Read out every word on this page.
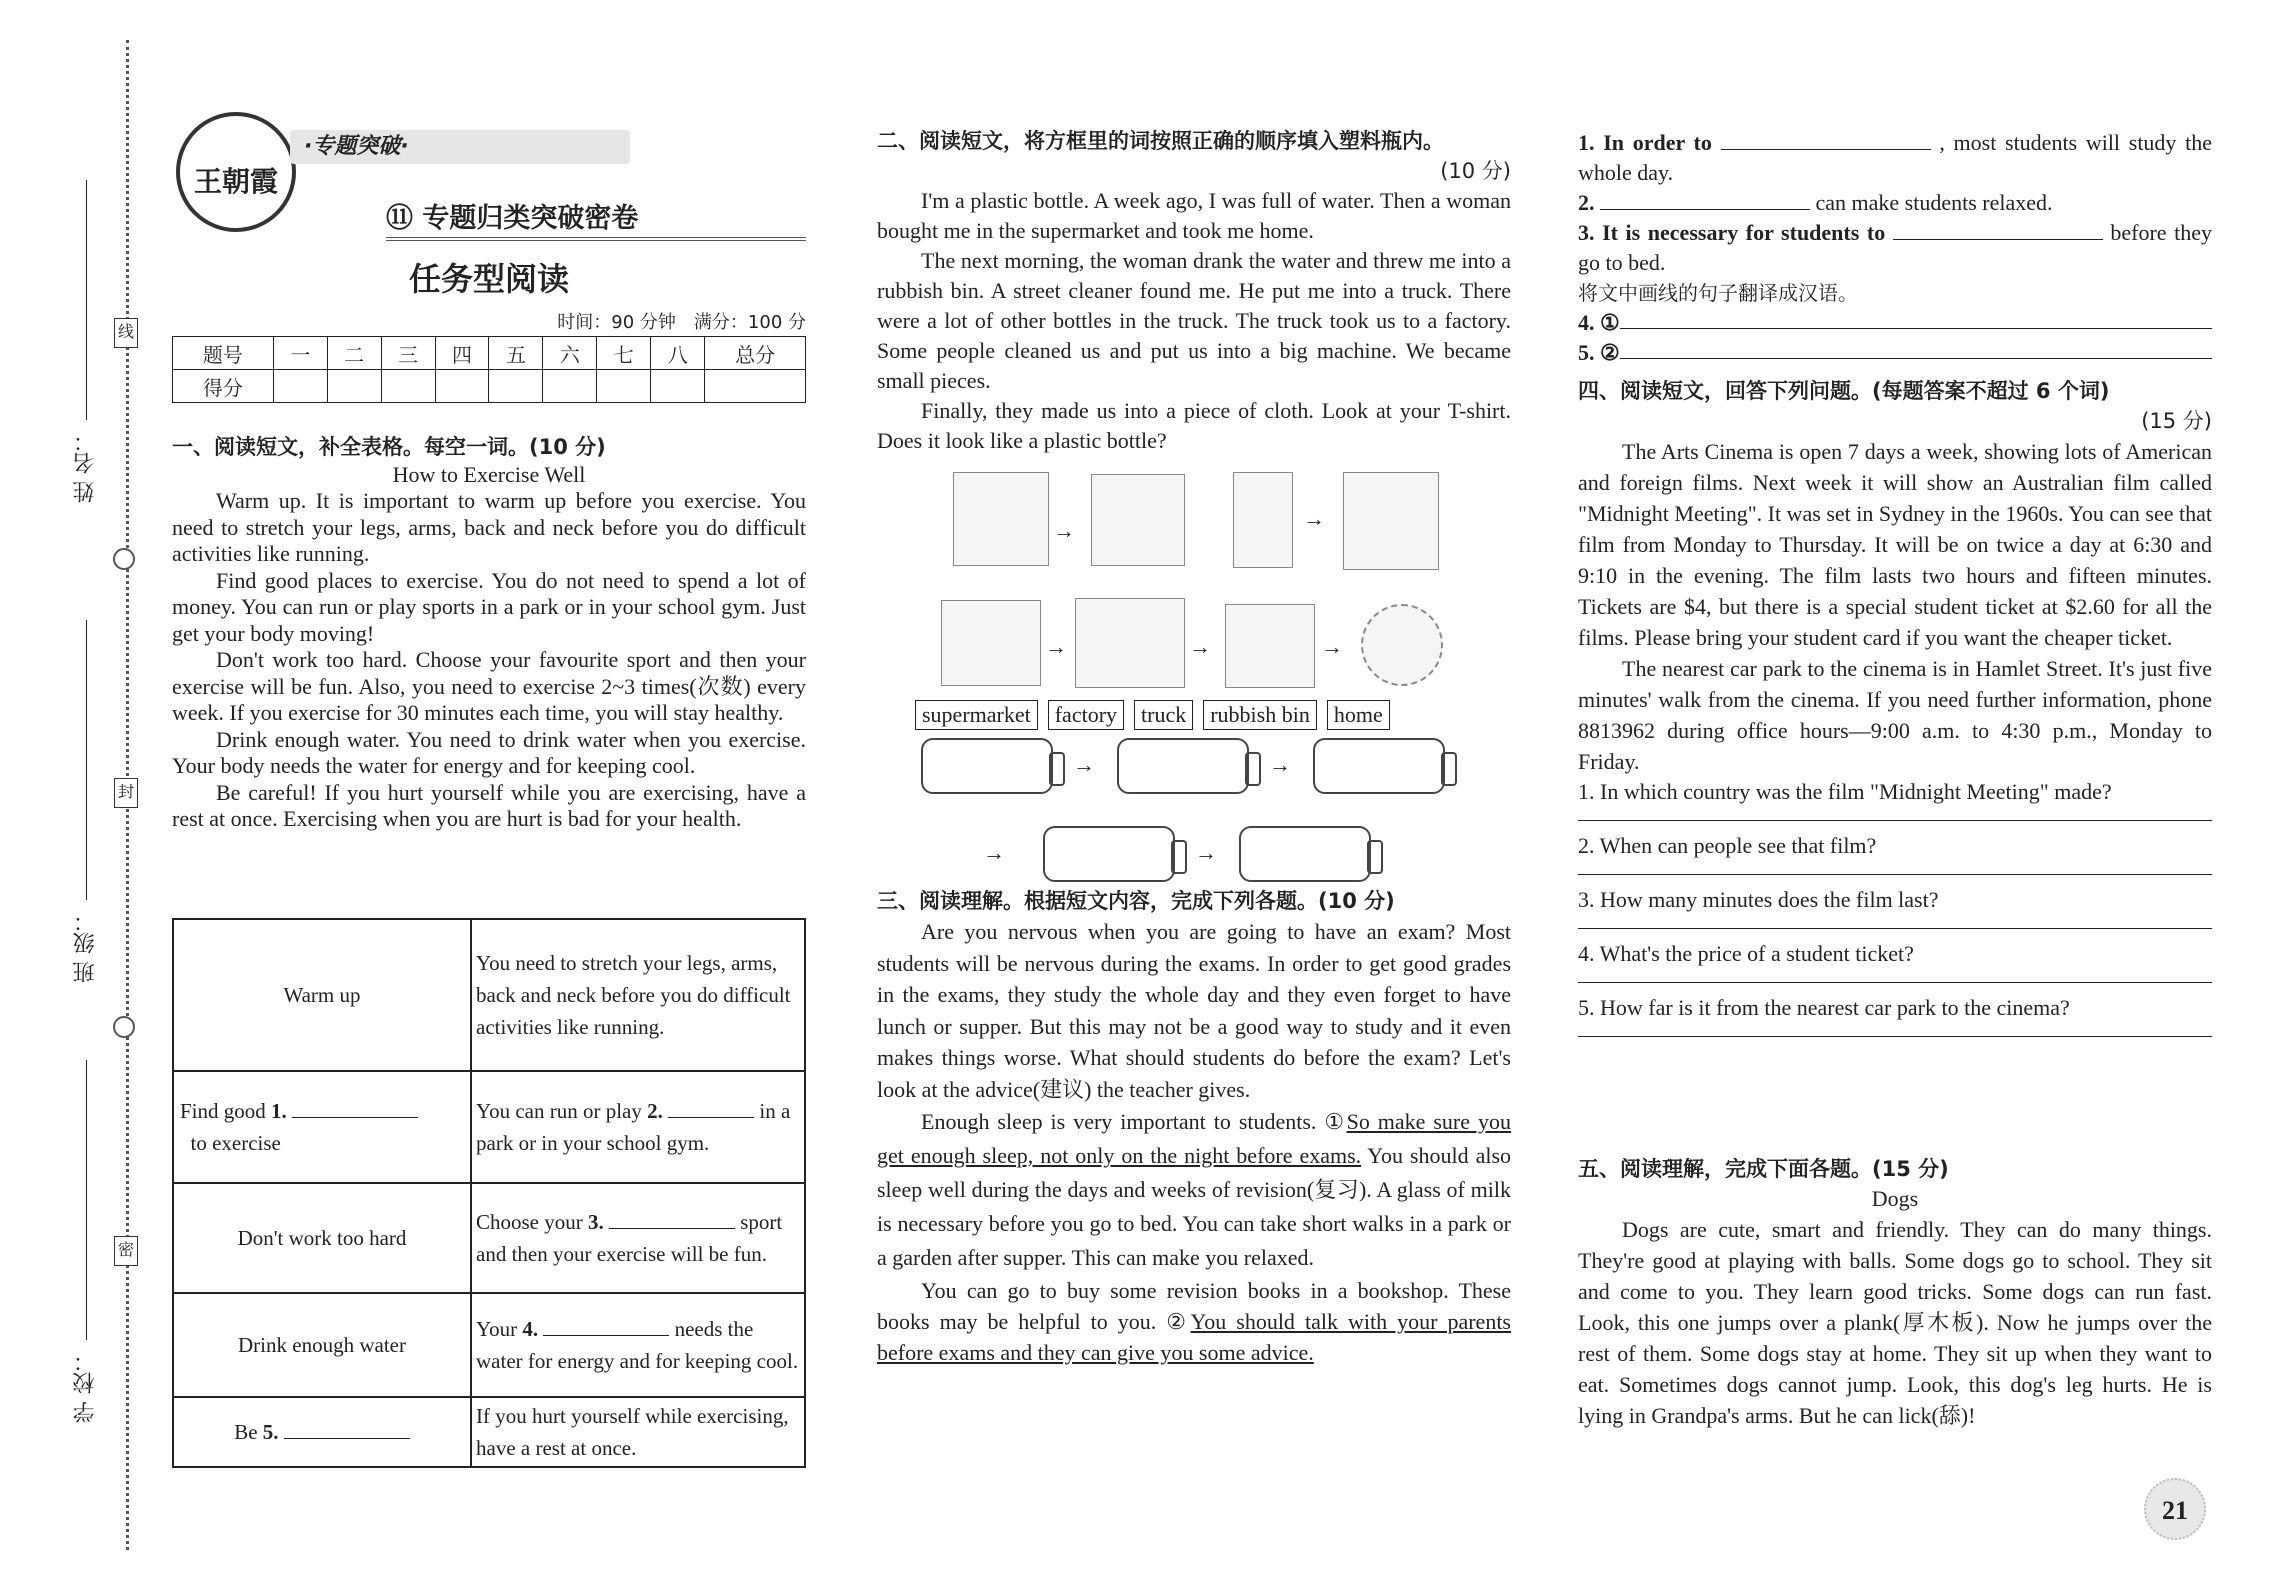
姓 名：
班 级：
学 校：
线
封
密
王朝霞
·专题突破·
⑪ 专题归类突破密卷
任务型阅读
时间：90 分钟　满分：100 分
题号	一	二	三	四	五	六	七	八	总分
得分									
一、阅读短文，补全表格。每空一词。(10 分)
How to Exercise Well
Warm up. It is important to warm up before you exercise. You need to stretch your legs, arms, back and neck before you do difficult activities like running.
Find good places to exercise. You do not need to spend a lot of money. You can run or play sports in a park or in your school gym. Just get your body moving!
Don't work too hard. Choose your favourite sport and then your exercise will be fun. Also, you need to exercise 2~3 times(次数) every week. If you exercise for 30 minutes each time, you will stay healthy.
Drink enough water. You need to drink water when you exercise. Your body needs the water for energy and for keeping cool.
Be careful! If you hurt yourself while you are exercising, have a rest at once. Exercising when you are hurt is bad for your health.
Warm up	You need to stretch your legs, arms, back and neck before you do difficult activities like running.
Find good 1.
to exercise	You can run or play 2. in a park or in your school gym.
Don't work too hard	Choose your 3. sport and then your exercise will be fun.
Drink enough water	Your 4. needs the water for energy and for keeping cool.
Be 5.	If you hurt yourself while exercising, have a rest at once.
二、阅读短文，将方框里的词按照正确的顺序填入塑料瓶内。
(10 分)
I'm a plastic bottle. A week ago, I was full of water. Then a woman bought me in the supermarket and took me home.
The next morning, the woman drank the water and threw me into a rubbish bin. A street cleaner found me. He put me into a truck. There were a lot of other bottles in the truck. The truck took us to a factory. Some people cleaned us and put us into a big machine. We became small pieces.
Finally, they made us into a piece of cloth. Look at your T-shirt. Does it look like a plastic bottle?
→	→
→	→	→
supermarket factory truck rubbish bin home
→	→
→	→
三、阅读理解。根据短文内容，完成下列各题。(10 分)
Are you nervous when you are going to have an exam? Most students will be nervous during the exams. In order to get good grades in the exams, they study the whole day and they even forget to have lunch or supper. But this may not be a good way to study and it even makes things worse. What should students do before the exam? Let's look at the advice(建议) the teacher gives.
Enough sleep is very important to students. ①So make sure you get enough sleep, not only on the night before exams. You should also sleep well during the days and weeks of revision(复习). A glass of milk is necessary before you go to bed. You can take short walks in a park or a garden after supper. This can make you relaxed.
You can go to buy some revision books in a bookshop. These books may be helpful to you. ②You should talk with your parents before exams and they can give you some advice.
1. In order to	, most students will study the whole day.
2.	can make students relaxed.
3. It is necessary for students to	before they go to bed.
将文中画线的句子翻译成汉语。
4. ①
5. ②
四、阅读短文，回答下列问题。(每题答案不超过 6 个词)
(15 分)
The Arts Cinema is open 7 days a week, showing lots of American and foreign films. Next week it will show an Australian film called "Midnight Meeting". It was set in Sydney in the 1960s. You can see that film from Monday to Thursday. It will be on twice a day at 6:30 and 9:10 in the evening. The film lasts two hours and fifteen minutes. Tickets are $4, but there is a special student ticket at $2.60 for all the films. Please bring your student card if you want the cheaper ticket.
The nearest car park to the cinema is in Hamlet Street. It's just five minutes' walk from the cinema. If you need further information, phone 8813962 during office hours—9:00 a.m. to 4:30 p.m., Monday to Friday.
1. In which country was the film "Midnight Meeting" made?
2. When can people see that film?
3. How many minutes does the film last?
4. What's the price of a student ticket?
5. How far is it from the nearest car park to the cinema?
五、阅读理解，完成下面各题。(15 分)
Dogs
Dogs are cute, smart and friendly. They can do many things. They're good at playing with balls. Some dogs go to school. They sit and come to you. They learn good tricks. Some dogs can run fast. Look, this one jumps over a plank(厚木板). Now he jumps over the rest of them. Some dogs stay at home. They sit up when they want to eat. Sometimes dogs cannot jump. Look, this dog's leg hurts. He is lying in Grandpa's arms. But he can lick(舔)!
21
